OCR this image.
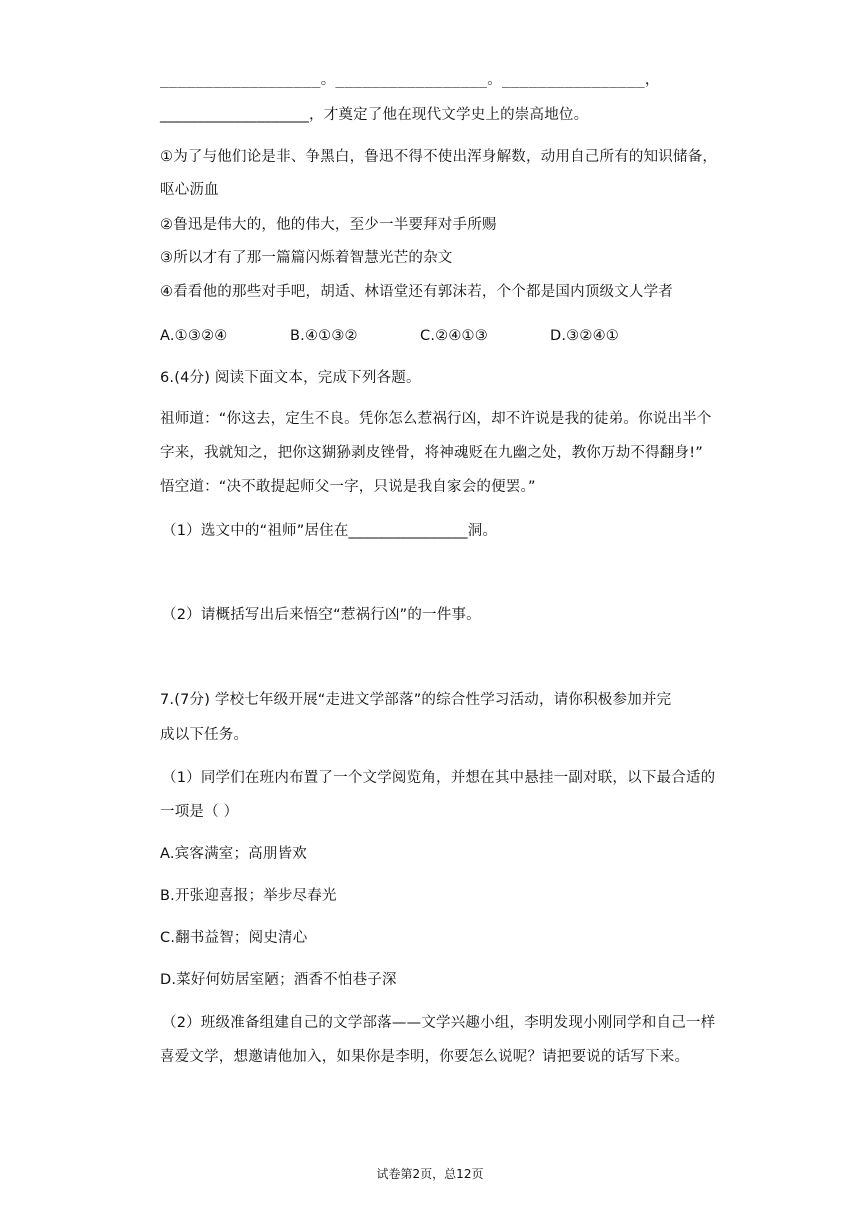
__________________。_________________。________________，
____________________，才奠定了他在现代文学史上的崇高地位。
①为了与他们论是非、争黑白，鲁迅不得不使出浑身解数，动用自己所有的知识储备，
呕心沥血
②鲁迅是伟大的，他的伟大，至少一半要拜对手所赐
③所以才有了那一篇篇闪烁着智慧光芒的杂文
④看看他的那些对手吧，胡适、林语堂还有郭沫若，个个都是国内顶级文人学者
A.①③②④	B.④①③②	C.②④①③	D.③②④①
6.(4分) 阅读下面文本，完成下列各题。
祖师道：“你这去，定生不良。凭你怎么惹祸行凶，却不许说是我的徒弟。你说出半个
字来，我就知之，把你这猢狲剥皮锉骨，将神魂贬在九幽之处，教你万劫不得翻身!”
悟空道：“决不敢提起师父一字，只说是我自家会的便罢。”
（1）选文中的“祖师”居住在________________洞。
（2）请概括写出后来悟空“惹祸行凶”的一件事。
7.(7分) 学校七年级开展“走进文学部落”的综合性学习活动，请你积极参加并完
成以下任务。
（1）同学们在班内布置了一个文学阅览角，并想在其中悬挂一副对联，以下最合适的
一项是（ ）
A.宾客满室；高朋皆欢
B.开张迎喜报；举步尽春光
C.翻书益智；阅史清心
D.菜好何妨居室陋；酒香不怕巷子深
（2）班级准备组建自己的文学部落——文学兴趣小组，李明发现小刚同学和自己一样
喜爱文学，想邀请他加入，如果你是李明，你要怎么说呢？请把要说的话写下来。
试卷第2页，总12页
